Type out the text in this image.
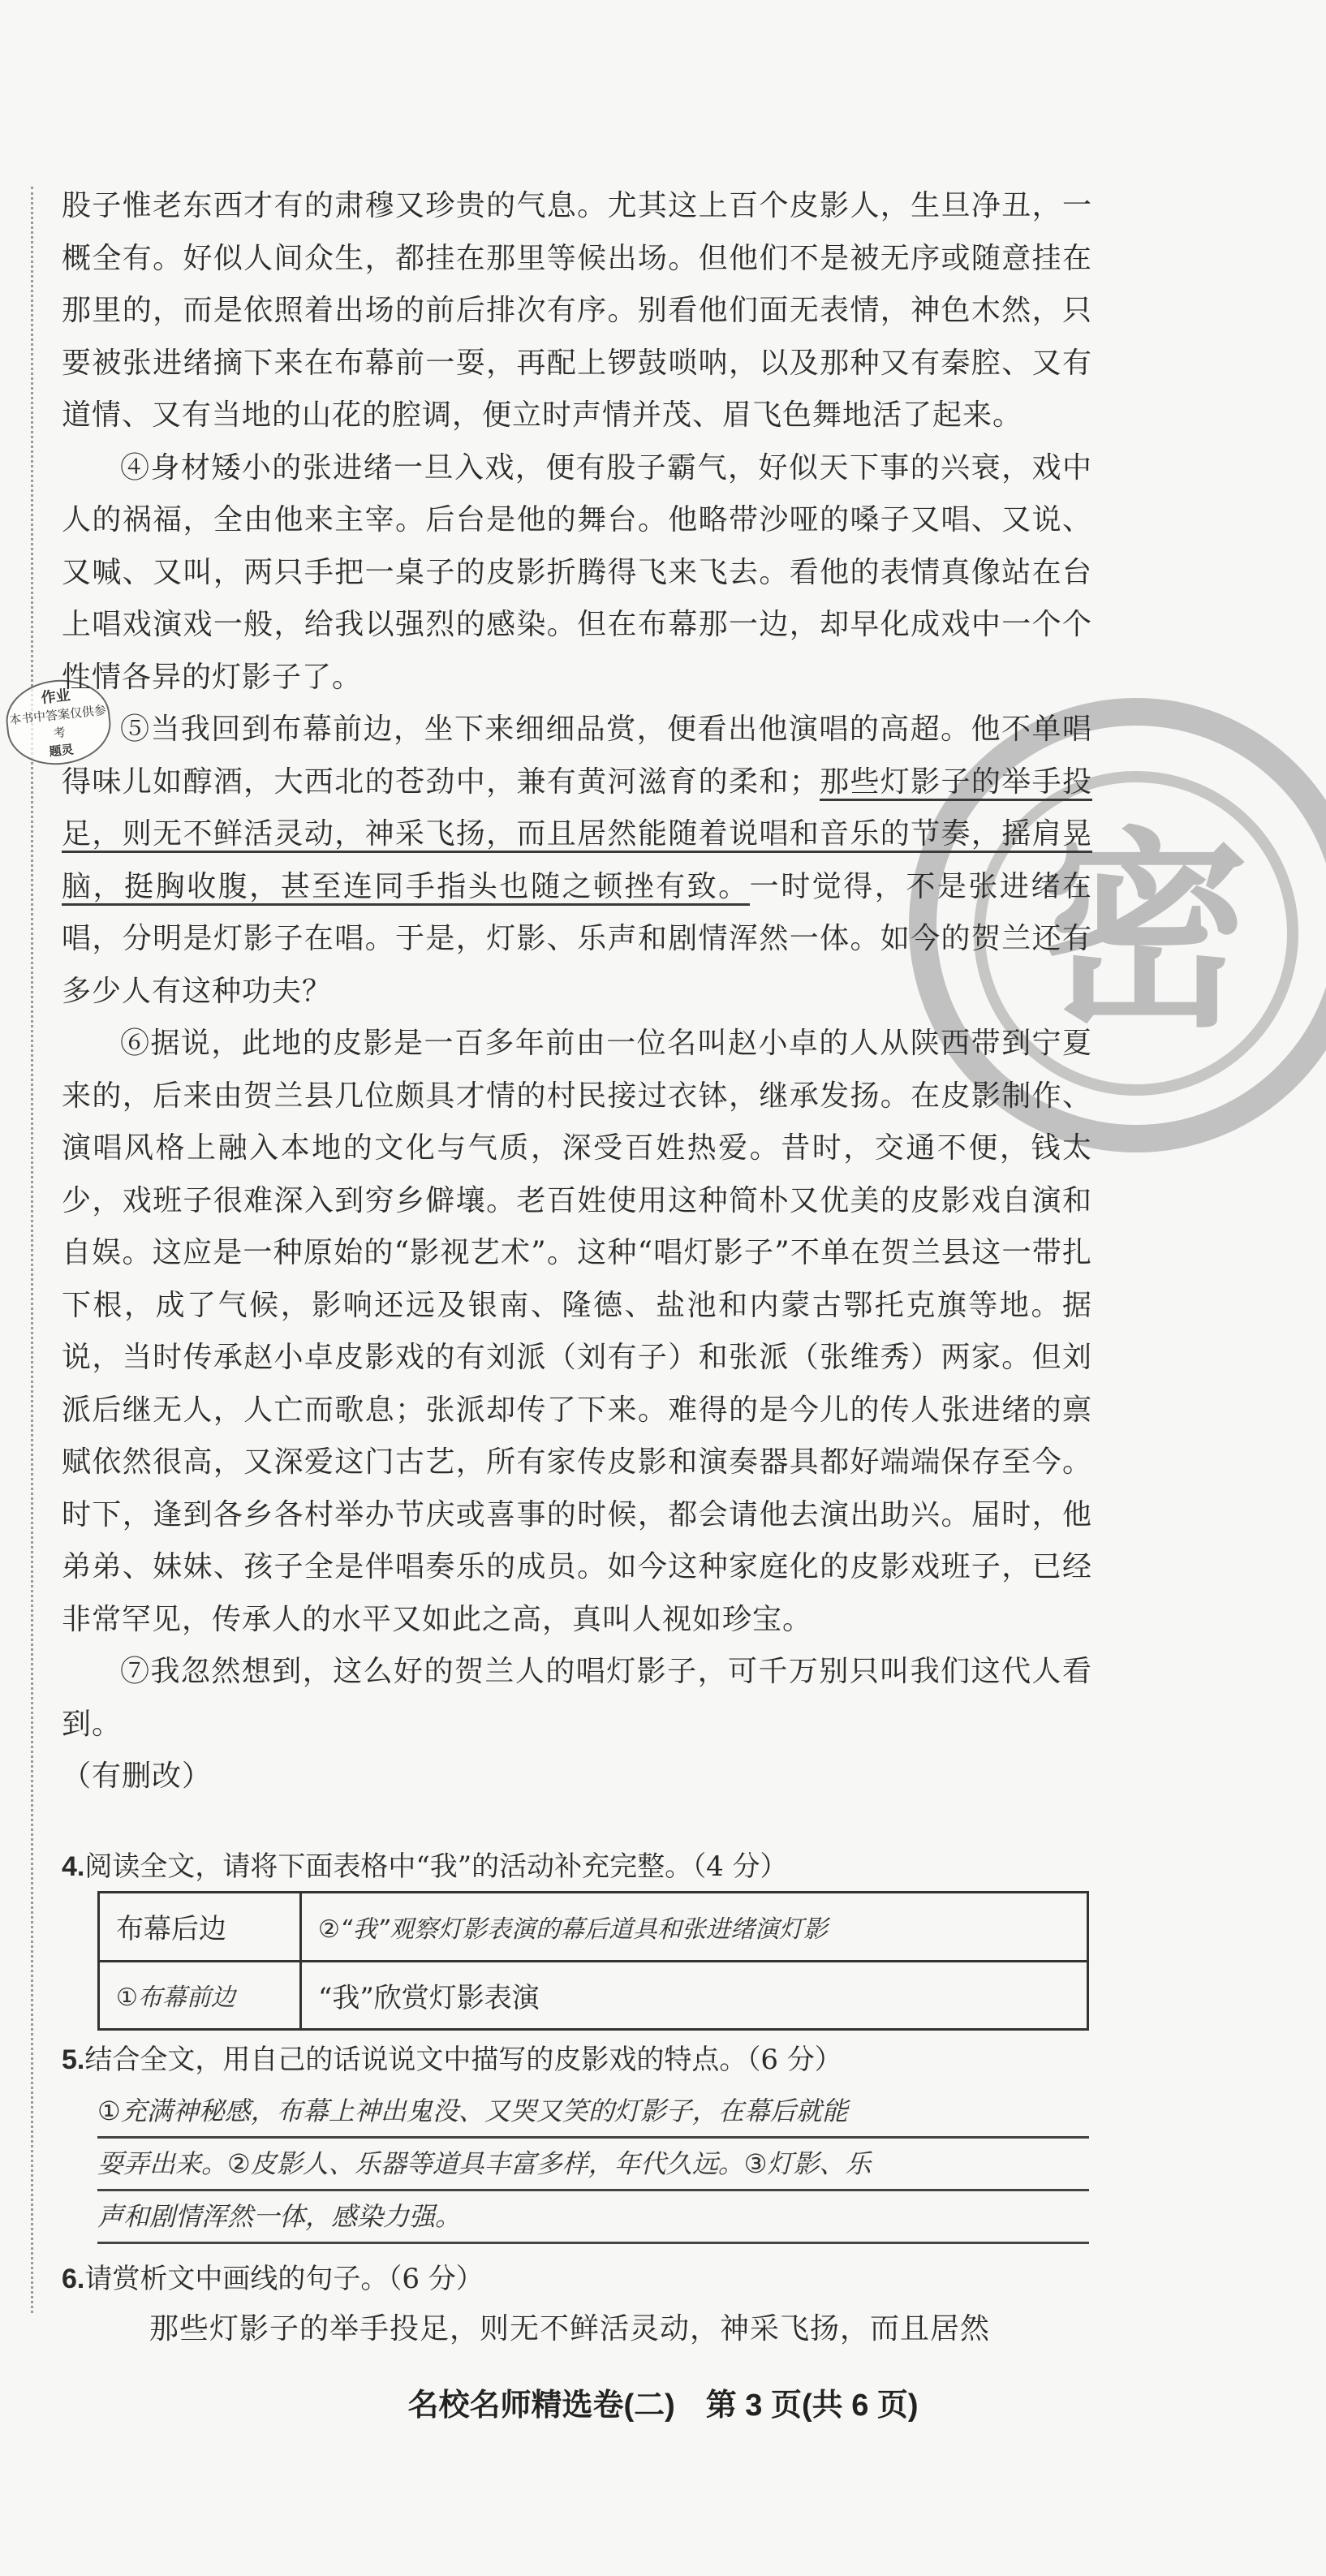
密
作业
本书中答案仅供参考
题灵

股子惟老东西才有的肃穆又珍贵的气息。尤其这上百个皮影人，生旦净丑，一概全有。好似人间众生，都挂在那里等候出场。但他们不是被无序或随意挂在那里的，而是依照着出场的前后排次有序。别看他们面无表情，神色木然，只要被张进绪摘下来在布幕前一耍，再配上锣鼓唢呐，以及那种又有秦腔、又有道情、又有当地的山花的腔调，便立时声情并茂、眉飞色舞地活了起来。

④身材矮小的张进绪一旦入戏，便有股子霸气，好似天下事的兴衰，戏中人的祸福，全由他来主宰。后台是他的舞台。他略带沙哑的嗓子又唱、又说、又喊、又叫，两只手把一桌子的皮影折腾得飞来飞去。看他的表情真像站在台上唱戏演戏一般，给我以强烈的感染。但在布幕那一边，却早化成戏中一个个性情各异的灯影子了。

⑤当我回到布幕前边，坐下来细细品赏，便看出他演唱的高超。他不单唱得味儿如醇酒，大西北的苍劲中，兼有黄河滋育的柔和；那些灯影子的举手投足，则无不鲜活灵动，神采飞扬，而且居然能随着说唱和音乐的节奏，摇肩晃脑，挺胸收腹，甚至连同手指头也随之顿挫有致。一时觉得，不是张进绪在唱，分明是灯影子在唱。于是，灯影、乐声和剧情浑然一体。如今的贺兰还有多少人有这种功夫？

⑥据说，此地的皮影是一百多年前由一位名叫赵小卓的人从陕西带到宁夏来的，后来由贺兰县几位颇具才情的村民接过衣钵，继承发扬。在皮影制作、演唱风格上融入本地的文化与气质，深受百姓热爱。昔时，交通不便，钱太少，戏班子很难深入到穷乡僻壤。老百姓使用这种简朴又优美的皮影戏自演和自娱。这应是一种原始的“影视艺术”。这种“唱灯影子”不单在贺兰县这一带扎下根，成了气候，影响还远及银南、隆德、盐池和内蒙古鄂托克旗等地。据说，当时传承赵小卓皮影戏的有刘派（刘有子）和张派（张维秀）两家。但刘派后继无人，人亡而歌息；张派却传了下来。难得的是今儿的传人张进绪的禀赋依然很高，又深爱这门古艺，所有家传皮影和演奏器具都好端端保存至今。时下，逢到各乡各村举办节庆或喜事的时候，都会请他去演出助兴。届时，他弟弟、妹妹、孩子全是伴唱奏乐的成员。如今这种家庭化的皮影戏班子，已经非常罕见，传承人的水平又如此之高，真叫人视如珍宝。

⑦我忽然想到，这么好的贺兰人的唱灯影子，可千万别只叫我们这代人看到。

（有删改）

4.阅读全文，请将下面表格中“我”的活动补充完整。（4 分）
布幕后边	②“我”观察灯影表演的幕后道具和张进绪演灯影
①布幕前边	“我”欣赏灯影表演
5.结合全文，用自己的话说说文中描写的皮影戏的特点。（6 分）
①充满神秘感，布幕上神出鬼没、又哭又笑的灯影子，在幕后就能
耍弄出来。②皮影人、乐器等道具丰富多样，年代久远。③灯影、乐
声和剧情浑然一体，感染力强。
6.请赏析文中画线的句子。（6 分）
那些灯影子的举手投足，则无不鲜活灵动，神采飞扬，而且居然
名校名师精选卷(二)　第 3 页(共 6 页)
